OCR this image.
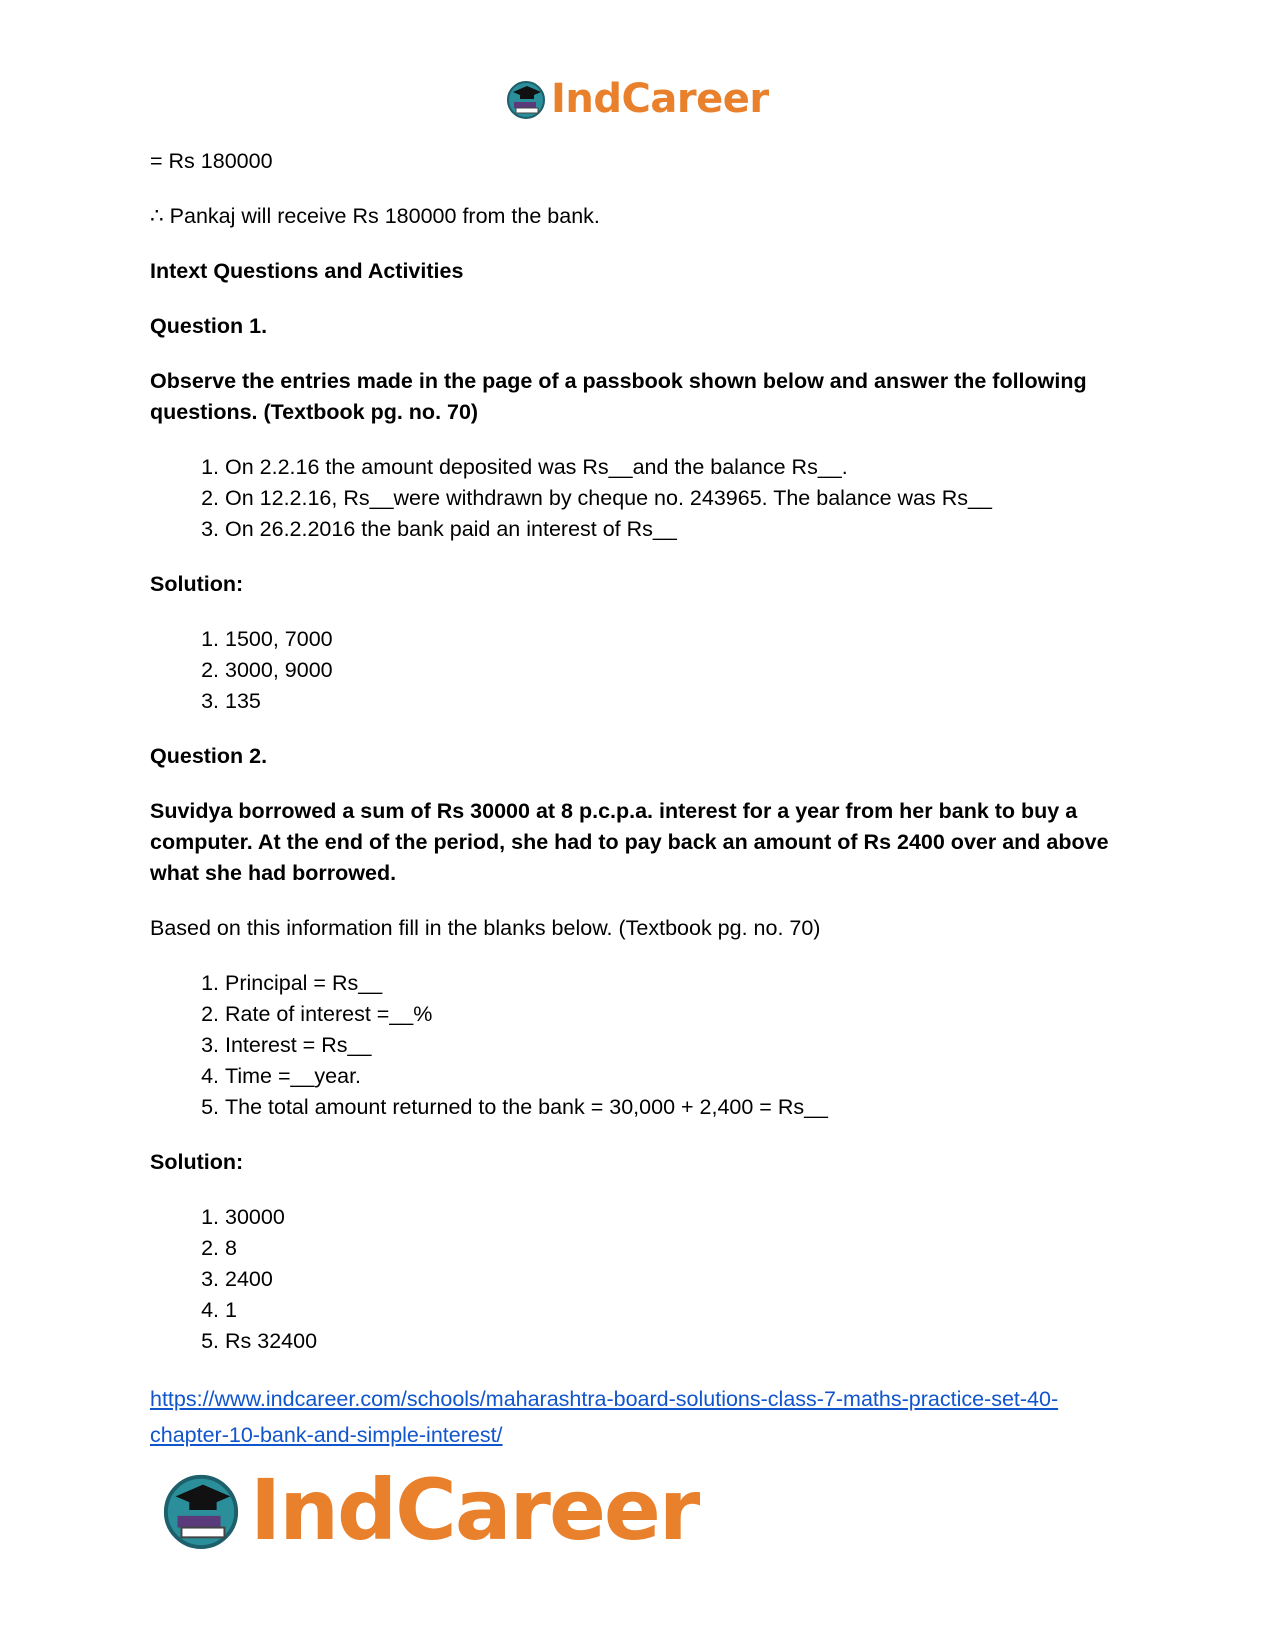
IndCareer

= Rs 180000

∴ Pankaj will receive Rs 180000 from the bank.

Intext Questions and Activities

Question 1.

Observe the entries made in the page of a passbook shown below and answer the following questions. (Textbook pg. no. 70)

1. On 2.2.16 the amount deposited was Rs__and the balance Rs__.
2. On 12.2.16, Rs__were withdrawn by cheque no. 243965. The balance was Rs__
3. On 26.2.2016 the bank paid an interest of Rs__

Solution:

1. 1500, 7000
2. 3000, 9000
3. 135

Question 2.

Suvidya borrowed a sum of Rs 30000 at 8 p.c.p.a. interest for a year from her bank to buy a computer. At the end of the period, she had to pay back an amount of Rs 2400 over and above what she had borrowed.

Based on this information fill in the blanks below. (Textbook pg. no. 70)

1. Principal = Rs__
2. Rate of interest =__%
3. Interest = Rs__
4. Time =__year.
5. The total amount returned to the bank = 30,000 + 2,400 = Rs__

Solution:

1. 30000
2. 8
3. 2400
4. 1
5. Rs 32400
https://www.indcareer.com/schools/maharashtra-board-solutions-class-7-maths-practice-set-40-
chapter-10-bank-and-simple-interest/
IndCareer
